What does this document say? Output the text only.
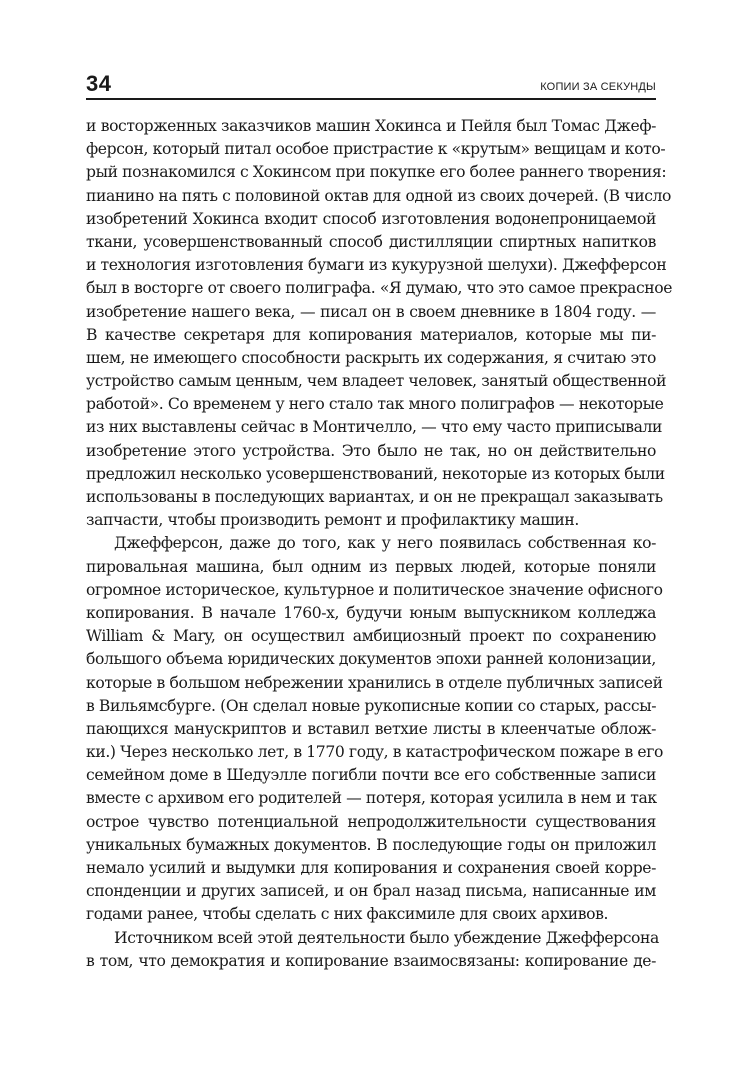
34	КОПИИ ЗА СЕКУНДЫ
и восторженных заказчиков машин Хокинса и Пейля был Томас Джеф-
ферсон, который питал особое пристрастие к «крутым» вещицам и кото-
рый познакомился с Хокинсом при покупке его более раннего творения:
пианино на пять с половиной октав для одной из своих дочерей. (В число
изобретений Хокинса входит способ изготовления водонепроницаемой
ткани, усовершенствованный способ дистилляции спиртных напитков
и технология изготовления бумаги из кукурузной шелухи). Джефферсон
был в восторге от своего полиграфа. «Я думаю, что это самое прекрасное
изобретение нашего века, — писал он в своем дневнике в 1804 году. —
В качестве секретаря для копирования материалов, которые мы пи-
шем, не имеющего способности раскрыть их содержания, я считаю это
устройство самым ценным, чем владеет человек, занятый общественной
работой». Со временем у него стало так много полиграфов — некоторые
из них выставлены сейчас в Монтичелло, — что ему часто приписывали
изобретение этого устройства. Это было не так, но он действительно
предложил несколько усовершенствований, некоторые из которых были
использованы в последующих вариантах, и он не прекращал заказывать
запчасти, чтобы производить ремонт и профилактику машин.
Джефферсон, даже до того, как у него появилась собственная ко-
пировальная машина, был одним из первых людей, которые поняли
огромное историческое, культурное и политическое значение офисного
копирования. В начале 1760-х, будучи юным выпускником колледжа
William & Mary, он осуществил амбициозный проект по сохранению
большого объема юридических документов эпохи ранней колонизации,
которые в большом небрежении хранились в отделе публичных записей
в Вильямсбурге. (Он сделал новые рукописные копии со старых, рассы-
пающихся манускриптов и вставил ветхие листы в клеенчатые облож-
ки.) Через несколько лет, в 1770 году, в катастрофическом пожаре в его
семейном доме в Шедуэлле погибли почти все его собственные записи
вместе с архивом его родителей — потеря, которая усилила в нем и так
острое чувство потенциальной непродолжительности существования
уникальных бумажных документов. В последующие годы он приложил
немало усилий и выдумки для копирования и сохранения своей корре-
спонденции и других записей, и он брал назад письма, написанные им
годами ранее, чтобы сделать с них факсимиле для своих архивов.
Источником всей этой деятельности было убеждение Джефферсона
в том, что демократия и копирование взаимосвязаны: копирование де-
